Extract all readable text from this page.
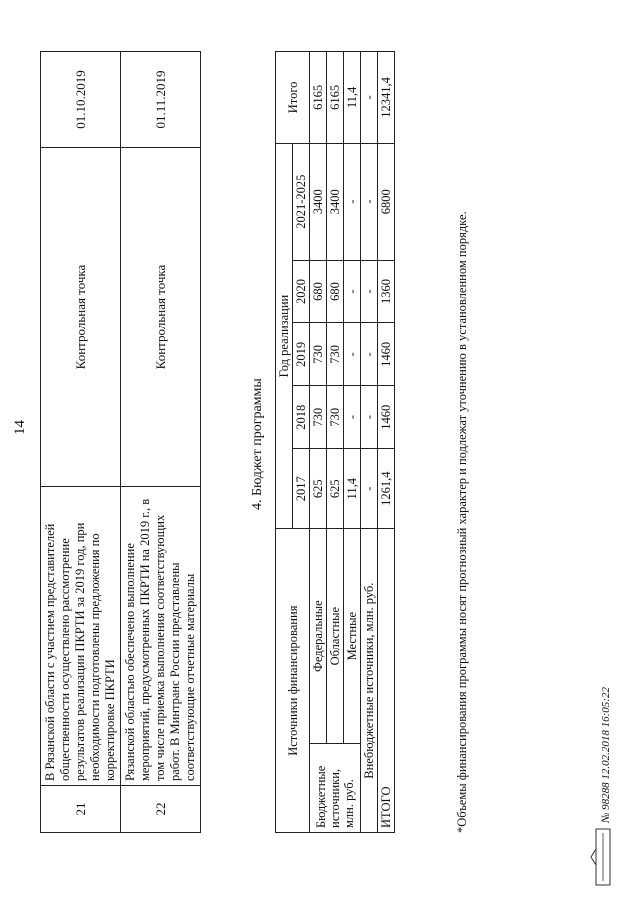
14
21	В Рязанской области с участием представителей общественности осуществлено рассмотрение результатов реализации ПКРТИ за 2019 год, при необходимости подготовлены предложения по корректировке ПКРТИ	Контрольная точка	01.10.2019
22	Рязанской областью обеспечено выполнение мероприятий, предусмотренных ПКРТИ на 2019 г., в том числе приемка выполнения соответствующих работ. В Минтранс России представлены соответствующие отчетные материалы	Контрольная точка	01.11.2019
4. Бюджет программы
Источники финансирования		Год реализации					Итого
		2017	2018	2019	2020	2021-2025	
Бюджетные источники, млн. руб.	Федеральные	625	730	730	680	3400	6165
	Областные	625	730	730	680	3400	6165
	Местные	11,4	-	-	-	-	11,4
Внебюджетные источники, млн. руб.		-	-	-	-	-	-
ИТОГО		1261,4	1460	1460	1360	6800	12341,4
*Объемы финансирования программы носят прогнозный характер и подлежат уточнению в установленном порядке.	№ 98288 12.02.2018 16:05:22
